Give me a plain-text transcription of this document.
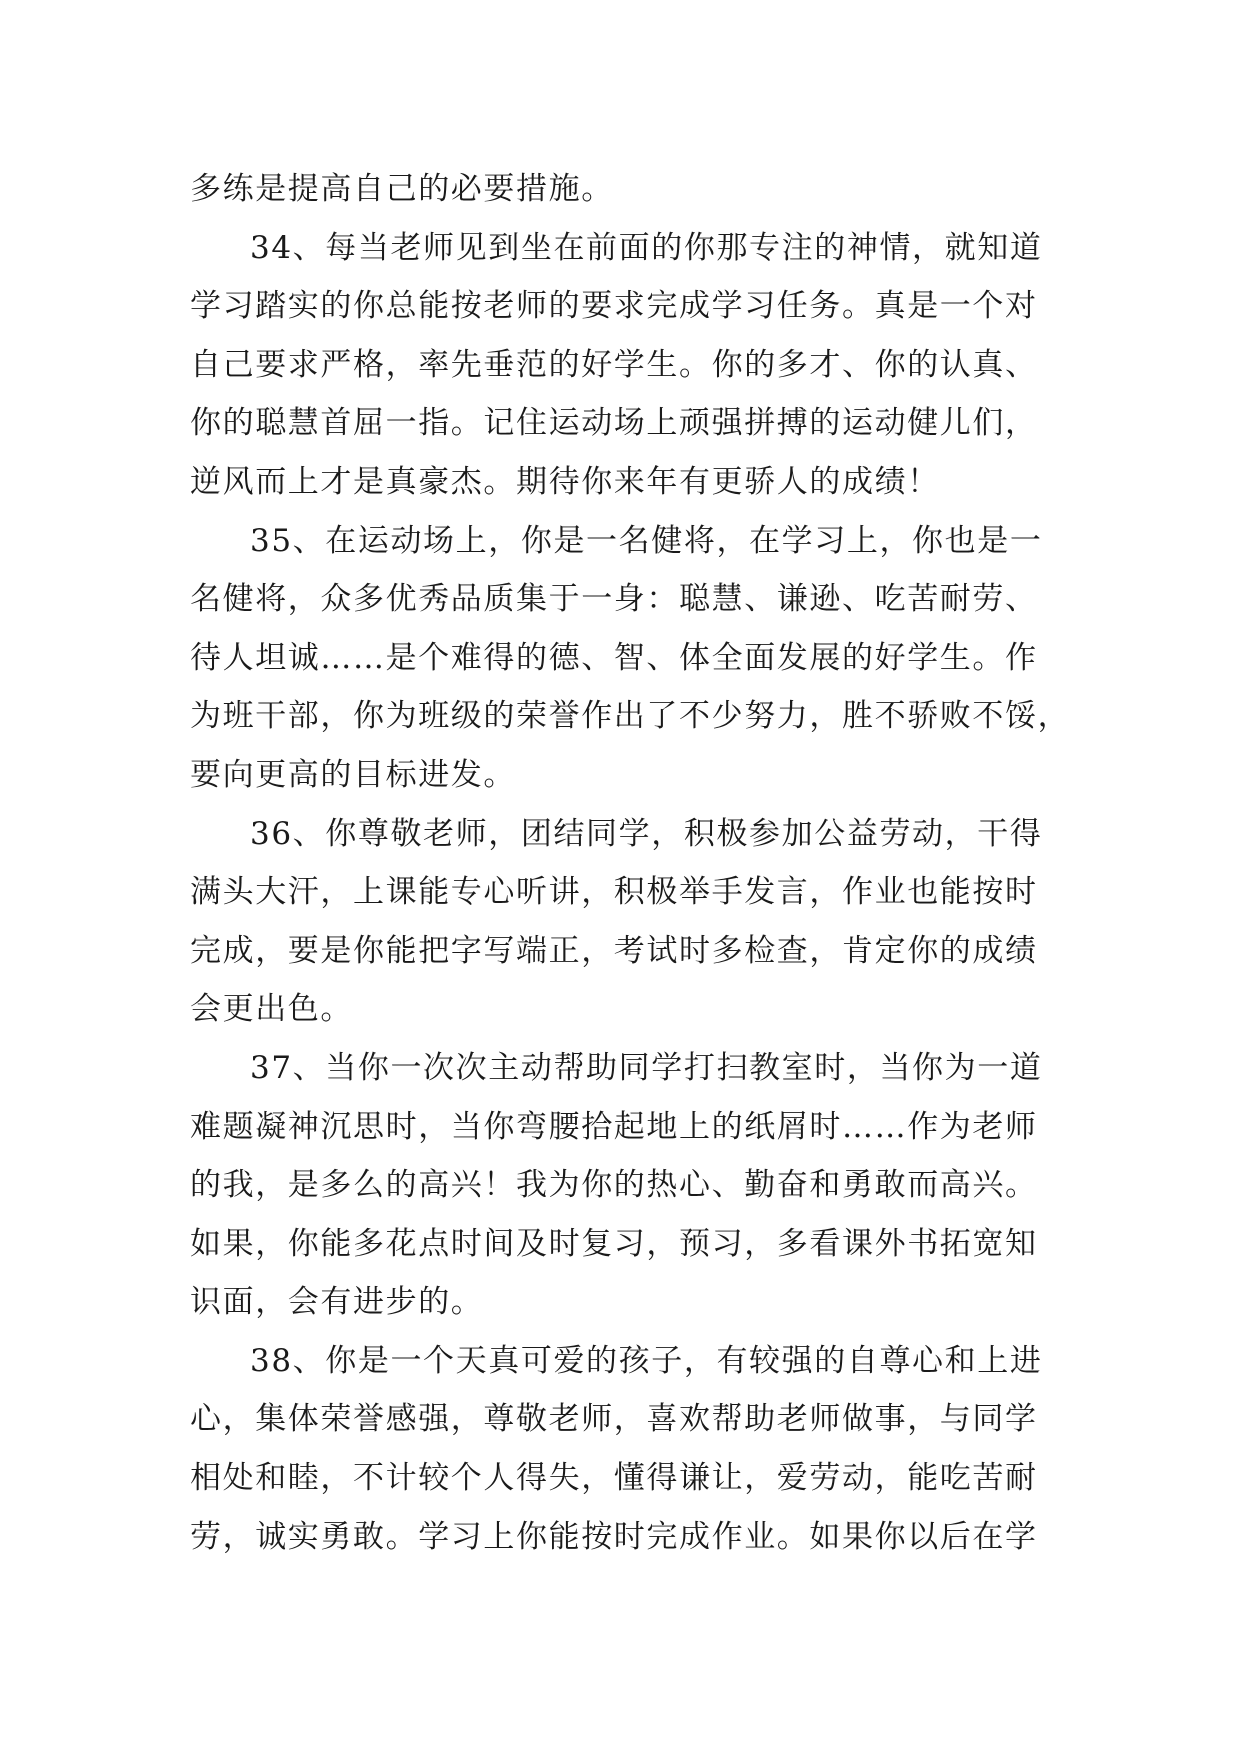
多练是提高自己的必要措施。
34、每当老师见到坐在前面的你那专注的神情，就知道
学习踏实的你总能按老师的要求完成学习任务。真是一个对
自己要求严格，率先垂范的好学生。你的多才、你的认真、
你的聪慧首屈一指。记住运动场上顽强拼搏的运动健儿们，
逆风而上才是真豪杰。期待你来年有更骄人的成绩！
35、在运动场上，你是一名健将，在学习上，你也是一
名健将，众多优秀品质集于一身：聪慧、谦逊、吃苦耐劳、
待人坦诚……是个难得的德、智、体全面发展的好学生。作
为班干部，你为班级的荣誉作出了不少努力，胜不骄败不馁，
要向更高的目标进发。
36、你尊敬老师，团结同学，积极参加公益劳动，干得
满头大汗，上课能专心听讲，积极举手发言，作业也能按时
完成，要是你能把字写端正，考试时多检查，肯定你的成绩
会更出色。
37、当你一次次主动帮助同学打扫教室时，当你为一道
难题凝神沉思时，当你弯腰拾起地上的纸屑时……作为老师
的我，是多么的高兴！我为你的热心、勤奋和勇敢而高兴。
如果，你能多花点时间及时复习，预习，多看课外书拓宽知
识面，会有进步的。
38、你是一个天真可爱的孩子，有较强的自尊心和上进
心，集体荣誉感强，尊敬老师，喜欢帮助老师做事，与同学
相处和睦，不计较个人得失，懂得谦让，爱劳动，能吃苦耐
劳，诚实勇敢。学习上你能按时完成作业。如果你以后在学
